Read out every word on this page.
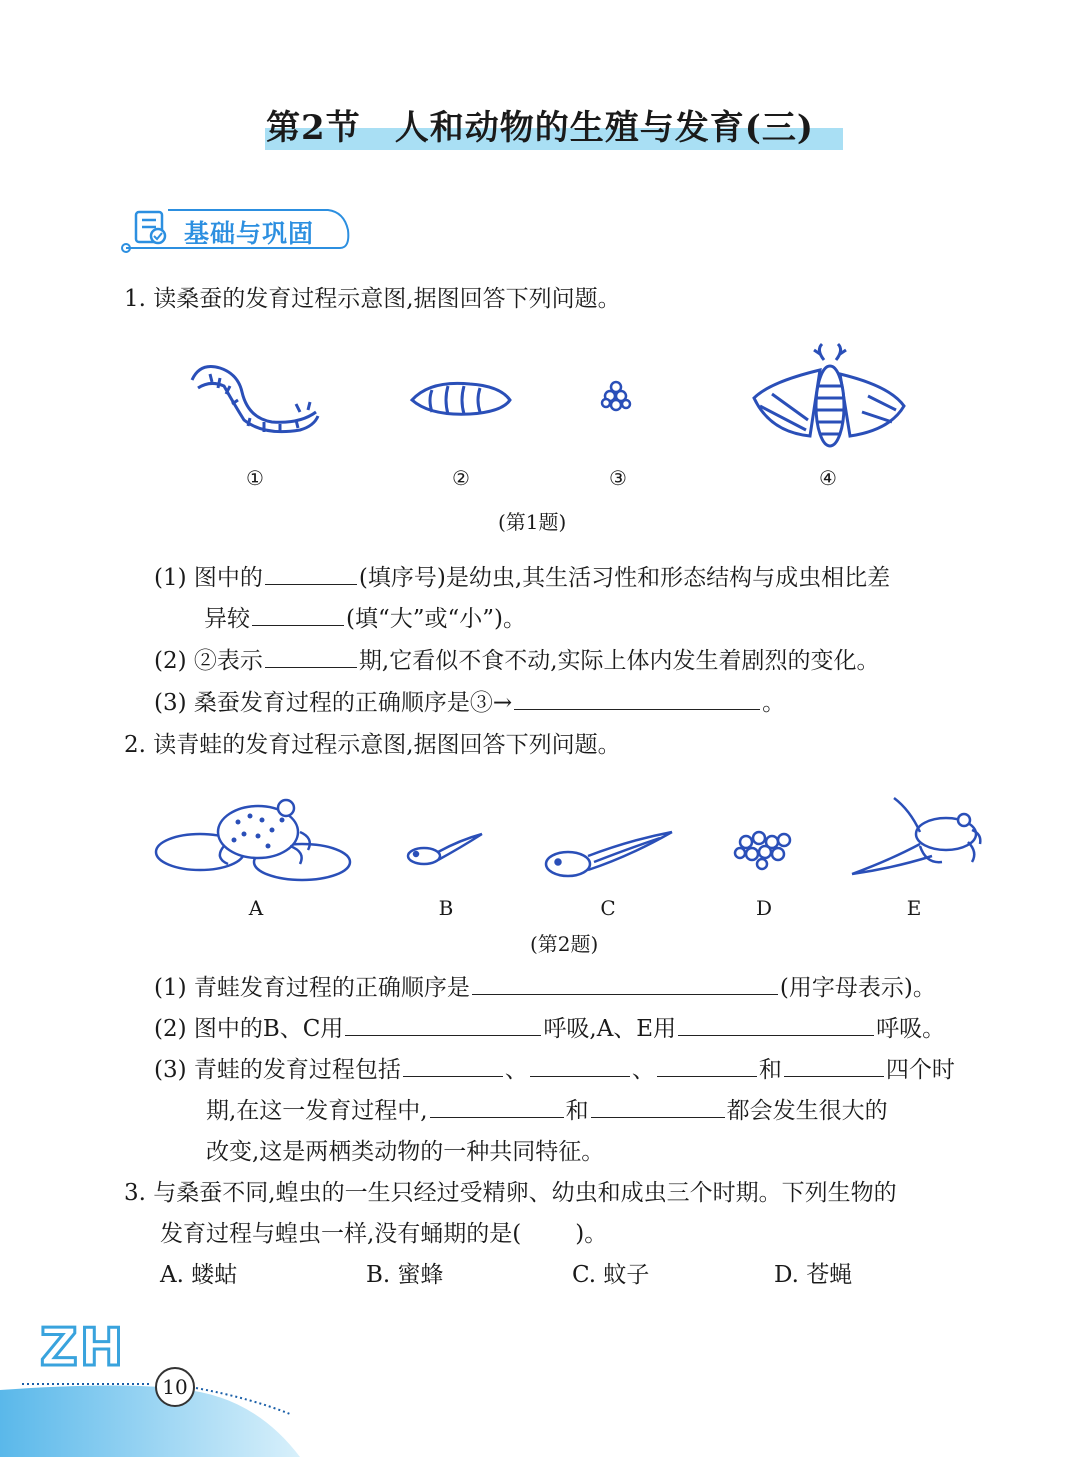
第2节 人和动物的生殖与发育(三)
基础与巩固
1. 读桑蚕的发育过程示意图,据图回答下列问题。
①	②	③	④
(第1题)
(1) 图中的	(填序号)是幼虫,其生活习性和形态结构与成虫相比差
异较	(填“大”或“小”)。
(2) ②表示	期,它看似不食不动,实际上体内发生着剧烈的变化。
(3) 桑蚕发育过程的正确顺序是③→	。
2. 读青蛙的发育过程示意图,据图回答下列问题。
A	B	C	D	E
(第2题)
(1) 青蛙发育过程的正确顺序是	(用字母表示)。
(2) 图中的B、C用	呼吸,A、E用	呼吸。
(3) 青蛙的发育过程包括	、	、	和	四个时
期,在这一发育过程中,	和	都会发生很大的
改变,这是两栖类动物的一种共同特征。
3. 与桑蚕不同,蝗虫的一生只经过受精卵、幼虫和成虫三个时期。下列生物的
发育过程与蝗虫一样,没有蛹期的是( )。
A. 蝼蛄	B. 蜜蜂	C. 蚊子	D. 苍蝇
ZH
10
